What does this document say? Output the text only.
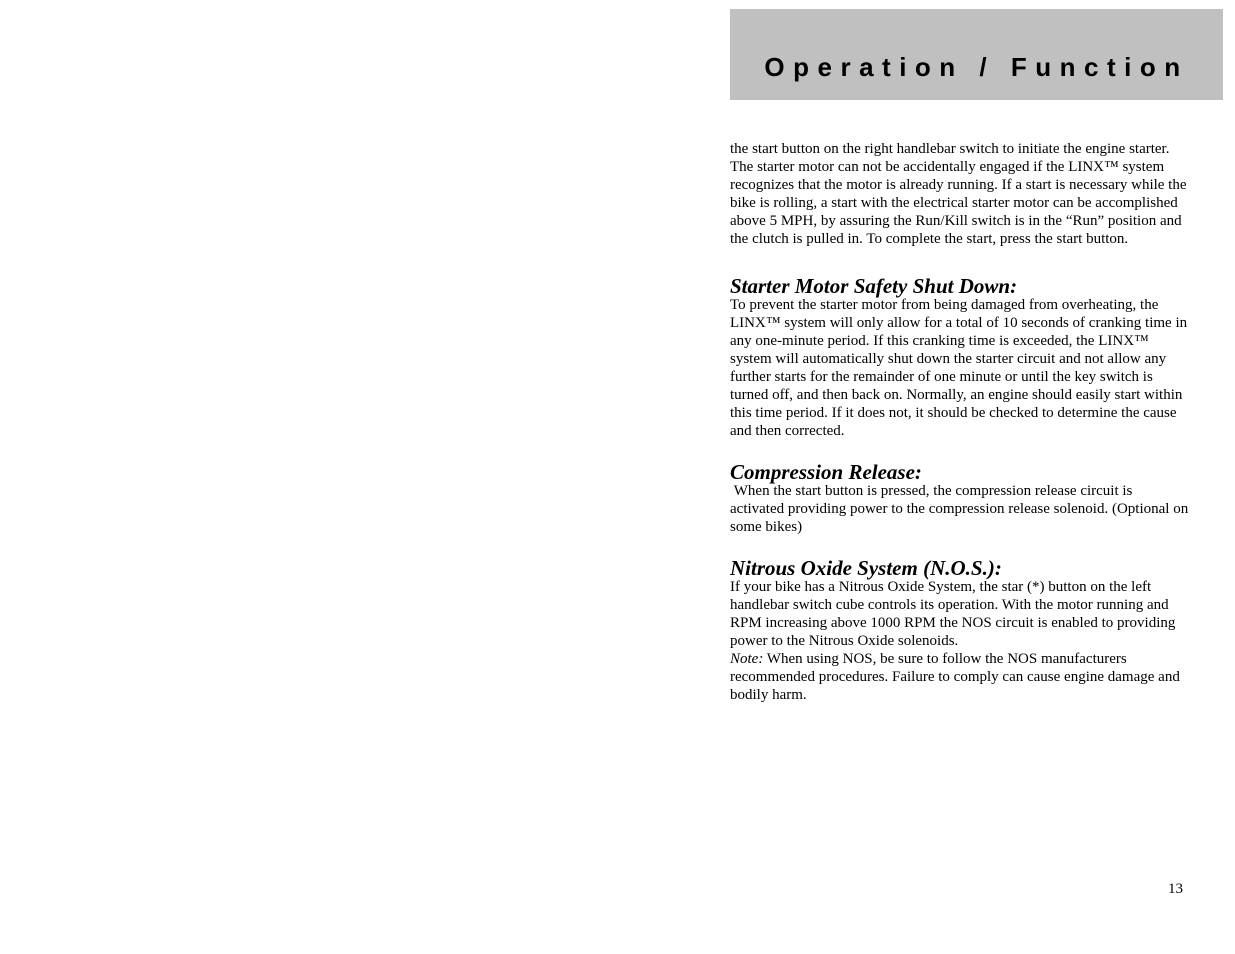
Operation / Function

the start button on the right handlebar switch to initiate the engine starter. The starter motor can not be accidentally engaged if the LINX™ system recognizes that the motor is already running. If a start is necessary while the bike is rolling, a start with the electrical starter motor can be accomplished above 5 MPH, by assuring the Run/Kill switch is in the “Run” position and the clutch is pulled in. To complete the start, press the start button.

Starter Motor Safety Shut Down:

To prevent the starter motor from being damaged from overheating, the LINX™ system will only allow for a total of 10 seconds of cranking time in any one-minute period. If this cranking time is exceeded, the LINX™ system will automatically shut down the starter circuit and not allow any further starts for the remainder of one minute or until the key switch is turned off, and then back on. Normally, an engine should easily start within this time period. If it does not, it should be checked to determine the cause and then corrected.

Compression Release:

When the start button is pressed, the compression release circuit is activated providing power to the compression release solenoid. (Optional on some bikes)

Nitrous Oxide System (N.O.S.):

If your bike has a Nitrous Oxide System, the star (*) button on the left handlebar switch cube controls its operation. With the motor running and RPM increasing above 1000 RPM the NOS circuit is enabled to providing power to the Nitrous Oxide solenoids.

Note: When using NOS, be sure to follow the NOS manufacturers recommended procedures. Failure to comply can cause engine damage and bodily harm.

13
